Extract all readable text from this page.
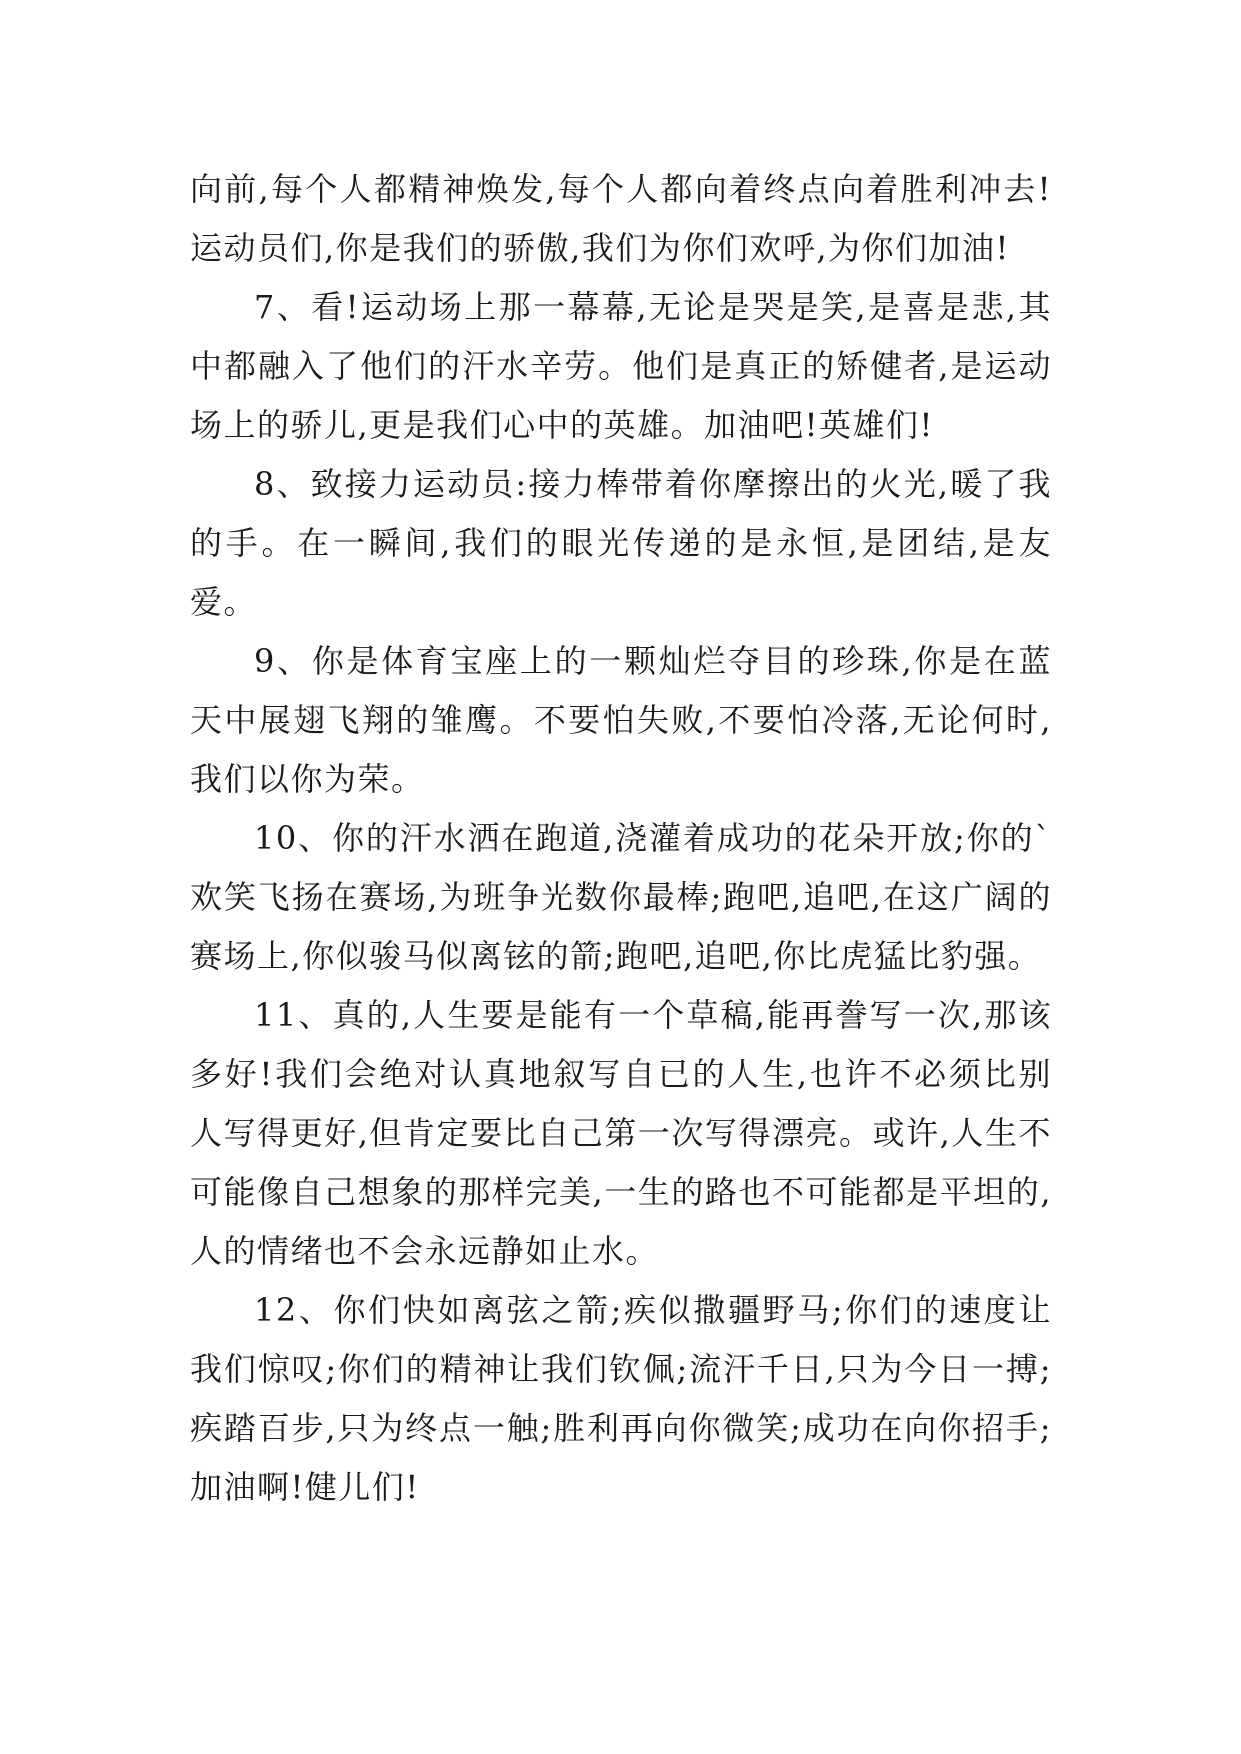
向前,每个人都精神焕发,每个人都向着终点向着胜利冲去!运动员们,你是我们的骄傲,我们为你们欢呼,为你们加油!

7、看!运动场上那一幕幕,无论是哭是笑,是喜是悲,其中都融入了他们的汗水辛劳。他们是真正的矫健者,是运动场上的骄儿,更是我们心中的英雄。加油吧!英雄们!

8、致接力运动员:接力棒带着你摩擦出的火光,暖了我的手。在一瞬间,我们的眼光传递的是永恒,是团结,是友爱。

9、你是体育宝座上的一颗灿烂夺目的珍珠,你是在蓝天中展翅飞翔的雏鹰。不要怕失败,不要怕冷落,无论何时,我们以你为荣。

10、你的汗水洒在跑道,浇灌着成功的花朵开放;你的`欢笑飞扬在赛场,为班争光数你最棒;跑吧,追吧,在这广阔的赛场上,你似骏马似离铉的箭;跑吧,追吧,你比虎猛比豹强。

11、真的,人生要是能有一个草稿,能再誊写一次,那该多好!我们会绝对认真地叙写自已的人生,也许不必须比别人写得更好,但肯定要比自己第一次写得漂亮。或许,人生不可能像自己想象的那样完美,一生的路也不可能都是平坦的,人的情绪也不会永远静如止水。

12、你们快如离弦之箭;疾似撒疆野马;你们的速度让我们惊叹;你们的精神让我们钦佩;流汗千日,只为今日一搏;疾踏百步,只为终点一触;胜利再向你微笑;成功在向你招手;加油啊!健儿们!
